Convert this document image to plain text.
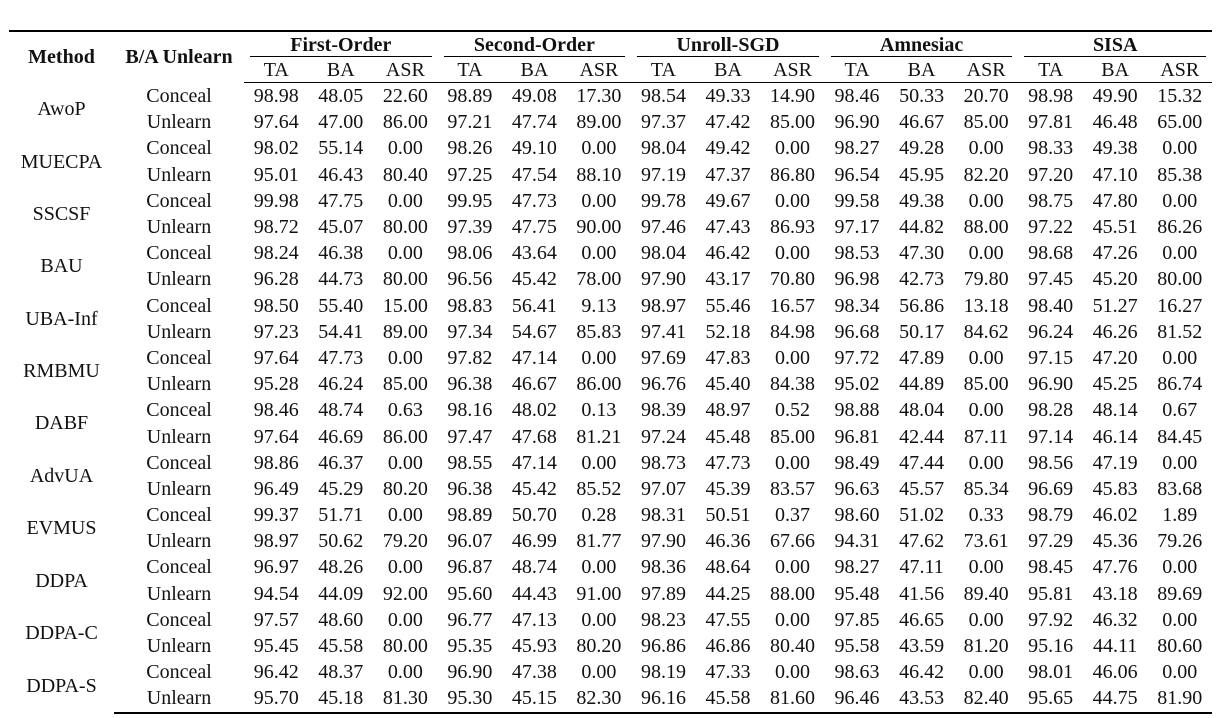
Method	B/A Unlearn	First-Order			Second-Order			Unroll-SGD			Amnesiac			SISA		

		TA	BA	ASR	TA	BA	ASR	TA	BA	ASR	TA	BA	ASR	TA	BA	ASR
AwoP	Conceal	98.98	48.05	22.60	98.89	49.08	17.30	98.54	49.33	14.90	98.46	50.33	20.70	98.98	49.90	15.32
	Unlearn	97.64	47.00	86.00	97.21	47.74	89.00	97.37	47.42	85.00	96.90	46.67	85.00	97.81	46.48	65.00
MUECPA	Conceal	98.02	55.14	0.00	98.26	49.10	0.00	98.04	49.42	0.00	98.27	49.28	0.00	98.33	49.38	0.00
	Unlearn	95.01	46.43	80.40	97.25	47.54	88.10	97.19	47.37	86.80	96.54	45.95	82.20	97.20	47.10	85.38
SSCSF	Conceal	99.98	47.75	0.00	99.95	47.73	0.00	99.78	49.67	0.00	99.58	49.38	0.00	98.75	47.80	0.00
	Unlearn	98.72	45.07	80.00	97.39	47.75	90.00	97.46	47.43	86.93	97.17	44.82	88.00	97.22	45.51	86.26
BAU	Conceal	98.24	46.38	0.00	98.06	43.64	0.00	98.04	46.42	0.00	98.53	47.30	0.00	98.68	47.26	0.00
	Unlearn	96.28	44.73	80.00	96.56	45.42	78.00	97.90	43.17	70.80	96.98	42.73	79.80	97.45	45.20	80.00
UBA-Inf	Conceal	98.50	55.40	15.00	98.83	56.41	9.13	98.97	55.46	16.57	98.34	56.86	13.18	98.40	51.27	16.27
	Unlearn	97.23	54.41	89.00	97.34	54.67	85.83	97.41	52.18	84.98	96.68	50.17	84.62	96.24	46.26	81.52
RMBMU	Conceal	97.64	47.73	0.00	97.82	47.14	0.00	97.69	47.83	0.00	97.72	47.89	0.00	97.15	47.20	0.00
	Unlearn	95.28	46.24	85.00	96.38	46.67	86.00	96.76	45.40	84.38	95.02	44.89	85.00	96.90	45.25	86.74
DABF	Conceal	98.46	48.74	0.63	98.16	48.02	0.13	98.39	48.97	0.52	98.88	48.04	0.00	98.28	48.14	0.67
	Unlearn	97.64	46.69	86.00	97.47	47.68	81.21	97.24	45.48	85.00	96.81	42.44	87.11	97.14	46.14	84.45
AdvUA	Conceal	98.86	46.37	0.00	98.55	47.14	0.00	98.73	47.73	0.00	98.49	47.44	0.00	98.56	47.19	0.00
	Unlearn	96.49	45.29	80.20	96.38	45.42	85.52	97.07	45.39	83.57	96.63	45.57	85.34	96.69	45.83	83.68
EVMUS	Conceal	99.37	51.71	0.00	98.89	50.70	0.28	98.31	50.51	0.37	98.60	51.02	0.33	98.79	46.02	1.89
	Unlearn	98.97	50.62	79.20	96.07	46.99	81.77	97.90	46.36	67.66	94.31	47.62	73.61	97.29	45.36	79.26
DDPA	Conceal	96.97	48.26	0.00	96.87	48.74	0.00	98.36	48.64	0.00	98.27	47.11	0.00	98.45	47.76	0.00
	Unlearn	94.54	44.09	92.00	95.60	44.43	91.00	97.89	44.25	88.00	95.48	41.56	89.40	95.81	43.18	89.69
DDPA-C	Conceal	97.57	48.60	0.00	96.77	47.13	0.00	98.23	47.55	0.00	97.85	46.65	0.00	97.92	46.32	0.00
	Unlearn	95.45	45.58	80.00	95.35	45.93	80.20	96.86	46.86	80.40	95.58	43.59	81.20	95.16	44.11	80.60
DDPA-S	Conceal	96.42	48.37	0.00	96.90	47.38	0.00	98.19	47.33	0.00	98.63	46.42	0.00	98.01	46.06	0.00
	Unlearn	95.70	45.18	81.30	95.30	45.15	82.30	96.16	45.58	81.60	96.46	43.53	82.40	95.65	44.75	81.90
